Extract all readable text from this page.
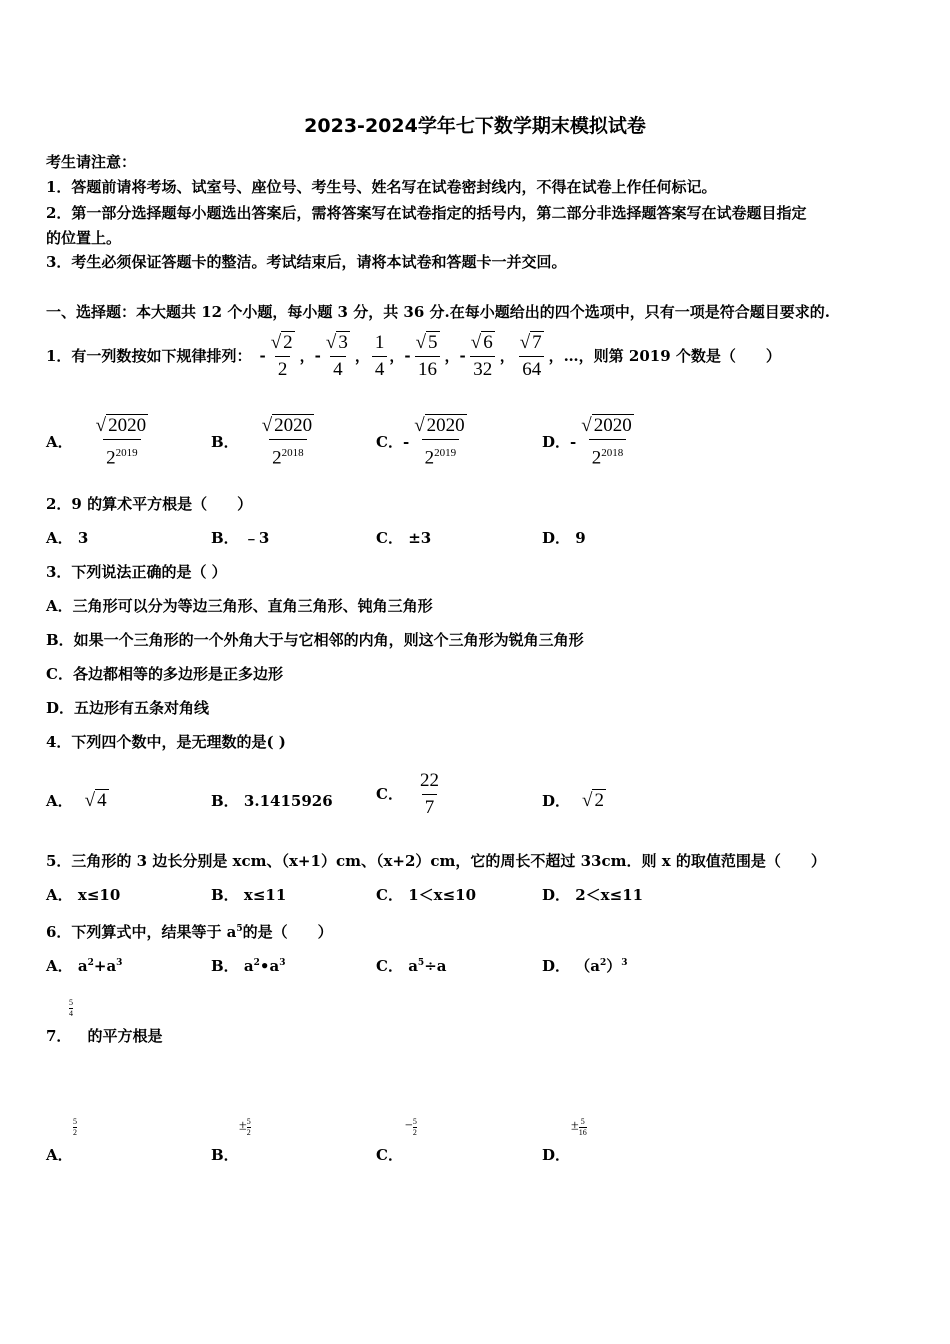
2023-2024学年七下数学期末模拟试卷
考生请注意：
1．答题前请将考场、试室号、座位号、考生号、姓名写在试卷密封线内，不得在试卷上作任何标记。
2．第一部分选择题每小题选出答案后，需将答案写在试卷指定的括号内，第二部分非选择题答案写在试卷题目指定
的位置上。
3．考生必须保证答题卡的整洁。考试结束后，请将本试卷和答题卡一并交回。
一、选择题：本大题共 12 个小题，每小题 3 分，共 36 分.在每小题给出的四个选项中，只有一项是符合题目要求的.
1．有一列数按如下规律排列： - $\frac{√ 2}{2}$ ， - $\frac{√ 3}{4}$ ， $\frac{1}{4}$ ， - $\frac{√ 5}{16}$ ， - $\frac{√ 6}{32}$ ， $\frac{√ 7}{64}$ ，…，则第 2019 个数是（　　）
A． $\frac{√ 2020}{2^{2019}}$	B． $\frac{√ 2020}{2^{2018}}$	C． - $\frac{√ 2020}{2^{2019}}$	D． - $\frac{√ 2020}{2^{2018}}$
2．9 的算术平方根是（　　）
A． 3	B． ﹣3	C． ±3	D． 9
3．下列说法正确的是（ ）
A．三角形可以分为等边三角形、直角三角形、钝角三角形
B．如果一个三角形的一个外角大于与它相邻的内角，则这个三角形为锐角三角形
C．各边都相等的多边形是正多边形
D．五边形有五条对角线
4．下列四个数中，是无理数的是( )
A． √ 4	B． 3.1415926	C． $\frac{22}{7}$	D． √ 2
5．三角形的 3 边长分别是 xcm、（x+1）cm、（x+2）cm，它的周长不超过 33cm．则 x 的取值范围是（　　）
A． x≤10	B． x≤11	C． 1＜x≤10	D． 2＜x≤11
6．下列算式中，结果等于 $a^5$的是（　　）
A． $a^2+a^3$	B． $a^2•a^3$	C． $a^5\div a$	D． $(a^2)^3$
$\frac{5}{4}$
7． 的平方根是
A．
$\frac{5}{2}$
B．
± $\frac{5}{2}$
C．
− $\frac{5}{2}$
D．
± $\frac{5}{16}$
